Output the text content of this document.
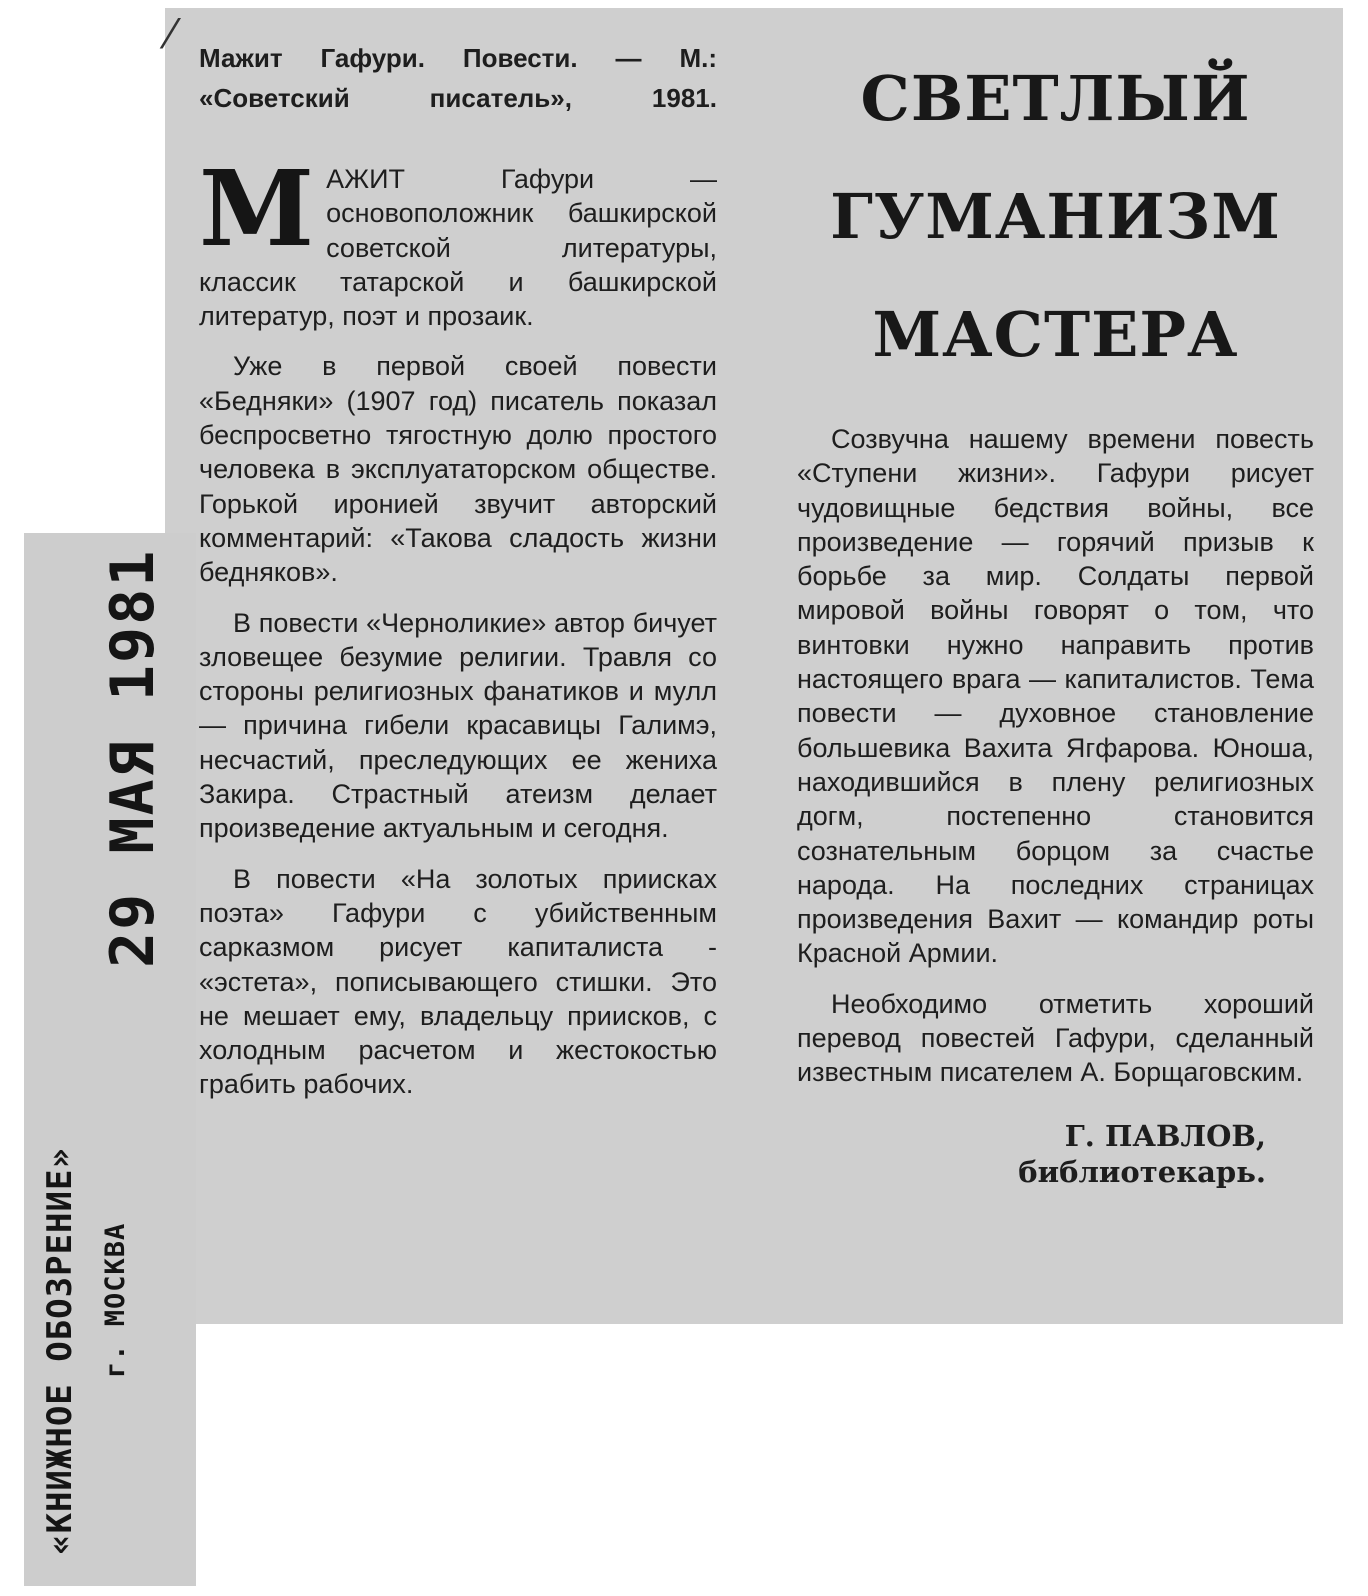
⁄
29 МАЯ 1981
«КНИЖНОЕ ОБОЗРЕНИЕ» г. МОСКВА

Мажит Гафури. Повести. — М.: «Советский писатель», 1981.

МАЖИТ Гафури — основоположник башкирской советской литературы, классик татарской и башкирской литератур, поэт и прозаик.

Уже в первой своей повести «Бедняки» (1907 год) писатель показал беспросветно тягостную долю простого человека в эксплуататорском обществе. Горькой иронией звучит авторский комментарий: «Такова сладость жизни бедняков».

В повести «Черноликие» автор бичует зловещее безумие религии. Травля со стороны религиозных фанатиков и мулл — причина гибели красавицы Галимэ, несчастий, преследующих ее жениха Закира. Страстный атеизм делает произведение актуальным и сегодня.

В повести «На золотых приисках поэта» Гафури с убийственным сарказмом рисует капиталиста - «эстета», пописывающего стишки. Это не мешает ему, владельцу приисков, с холодным расчетом и жестокостью грабить рабочих.

СВЕТЛЫЙ
ГУМАНИЗМ
МАСТЕРА

Созвучна нашему времени повесть «Ступени жизни». Гафури рисует чудовищные бедствия войны, все произведение — горячий призыв к борьбе за мир. Солдаты первой мировой войны говорят о том, что винтовки нужно направить против настоящего врага — капиталистов. Тема повести — духовное становление большевика Вахита Ягфарова. Юноша, находившийся в плену религиозных догм, постепенно становится сознательным борцом за счастье народа. На последних страницах произведения Вахит — командир роты Красной Армии.

Необходимо отметить хороший перевод повестей Гафури, сделанный известным писателем А. Борщаговским.

Г. ПАВЛОВ,
библиотекарь.
